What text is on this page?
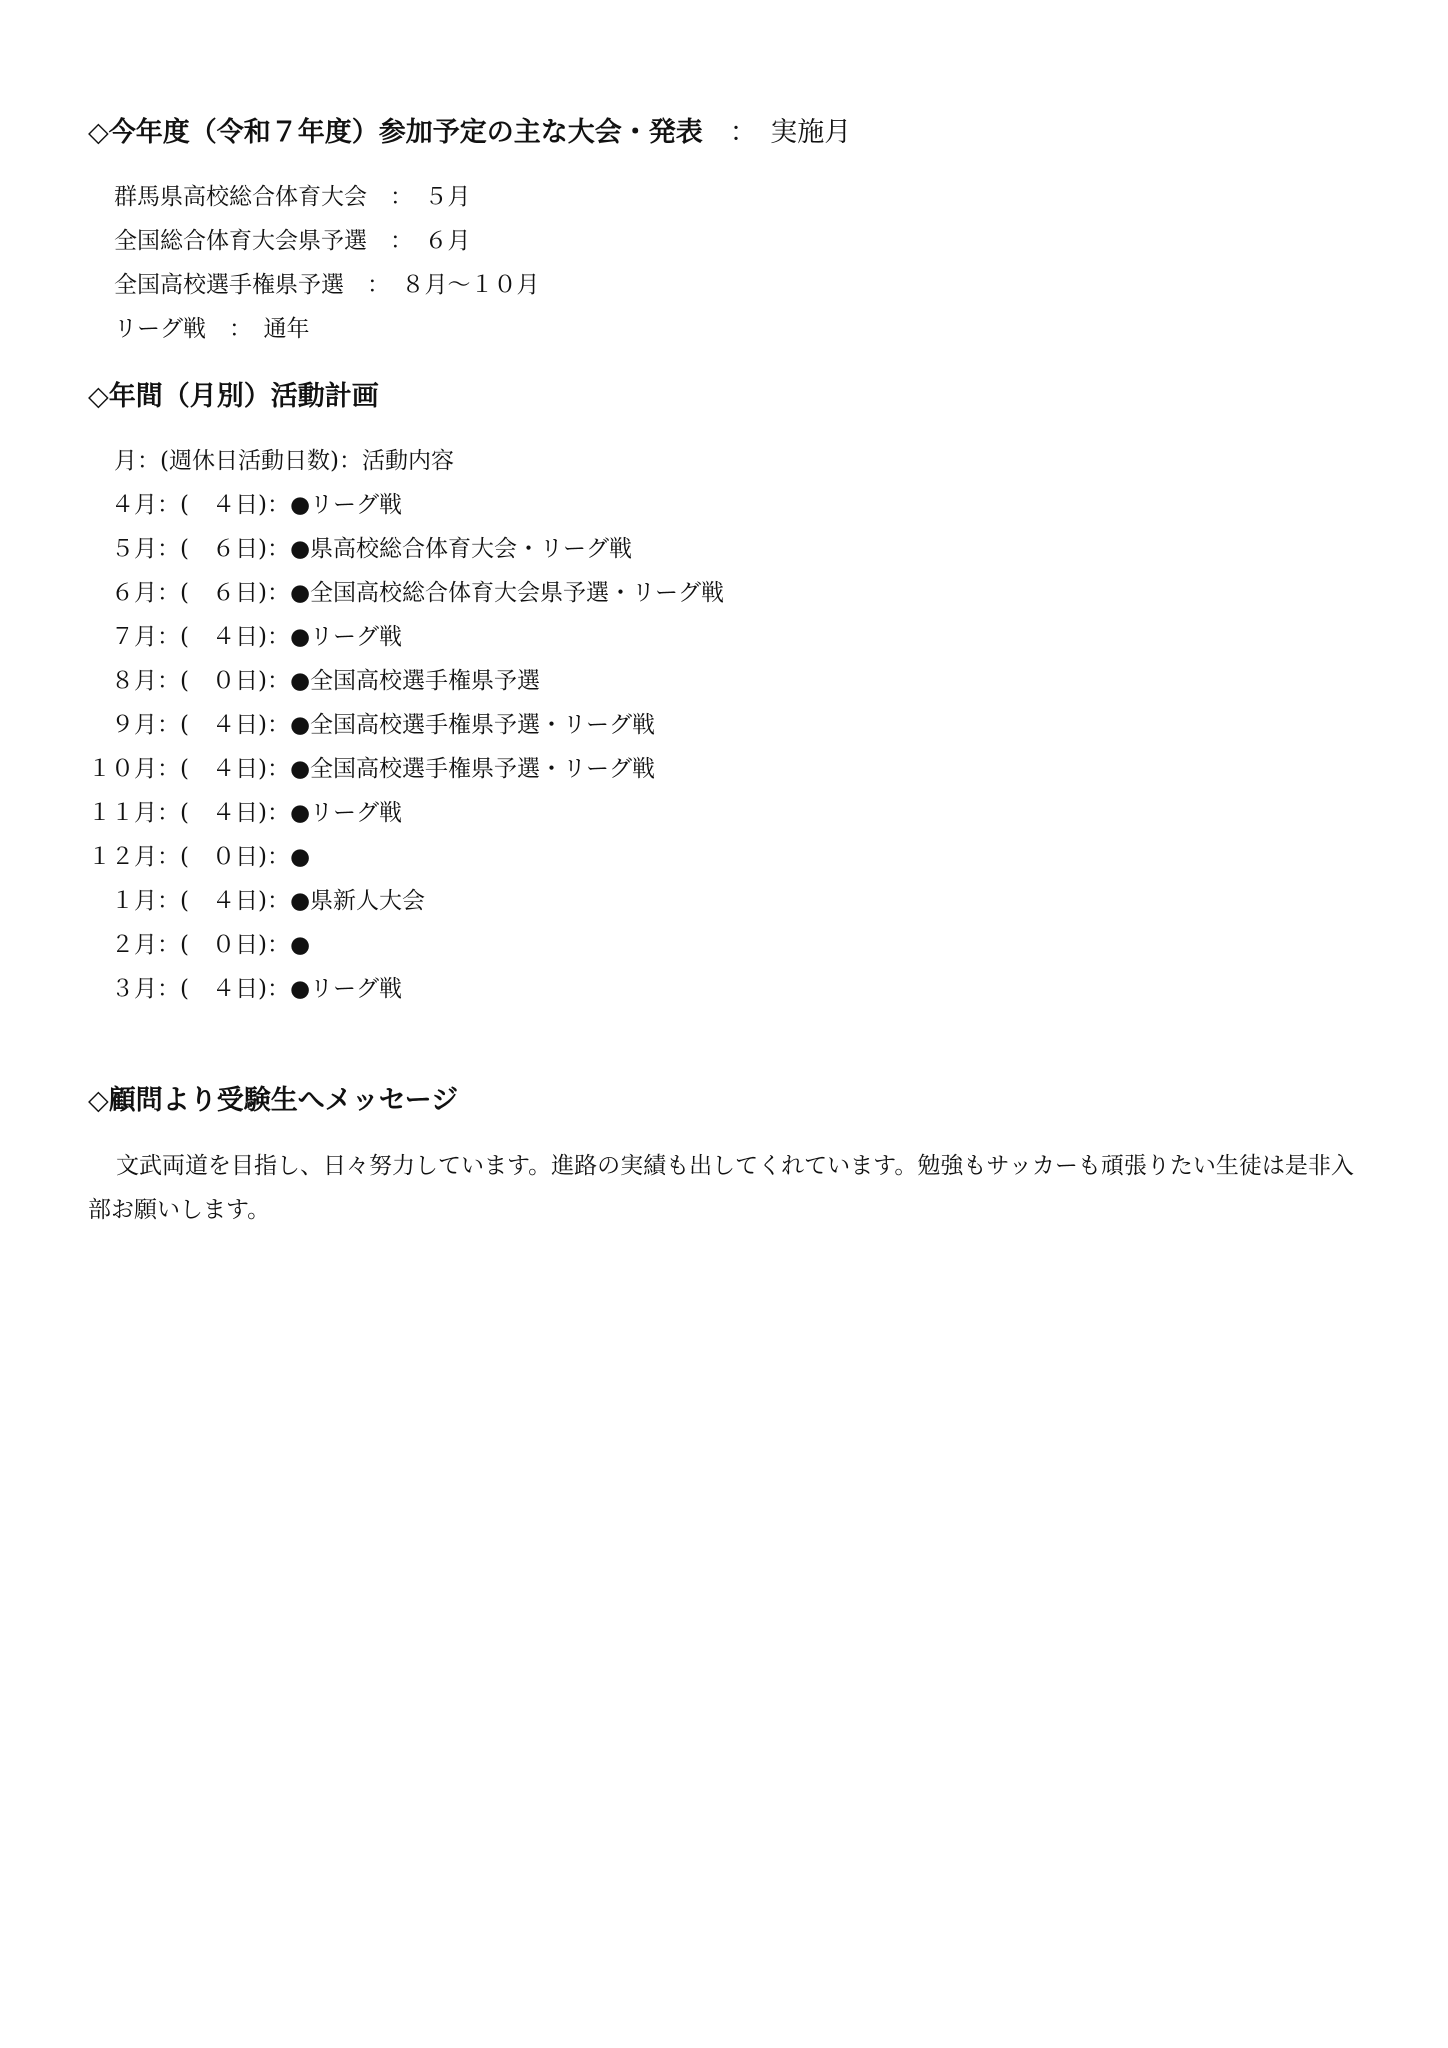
◇今年度（令和７年度）参加予定の主な大会・発表　：　実施月
群馬県高校総合体育大会　：　５月
全国総合体育大会県予選　：　６月
全国高校選手権県予選　：　８月～１０月
リーグ戦　：　通年
◇年間（月別）活動計画
月：(週休日活動日数)：活動内容
　４月：(　４日)：●リーグ戦
　５月：(　６日)：●県高校総合体育大会・リーグ戦
　６月：(　６日)：●全国高校総合体育大会県予選・リーグ戦
　７月：(　４日)：●リーグ戦
　８月：(　０日)：●全国高校選手権県予選
　９月：(　４日)：●全国高校選手権県予選・リーグ戦
１０月：(　４日)：●全国高校選手権県予選・リーグ戦
１１月：(　４日)：●リーグ戦
１２月：(　０日)：●
　１月：(　４日)：●県新人大会
　２月：(　０日)：●
　３月：(　４日)：●リーグ戦
◇顧問より受験生へメッセージ
文武両道を目指し、日々努力しています。進路の実績も出してくれています。勉強もサッカーも頑張りたい生徒は是非入部お願いします。
